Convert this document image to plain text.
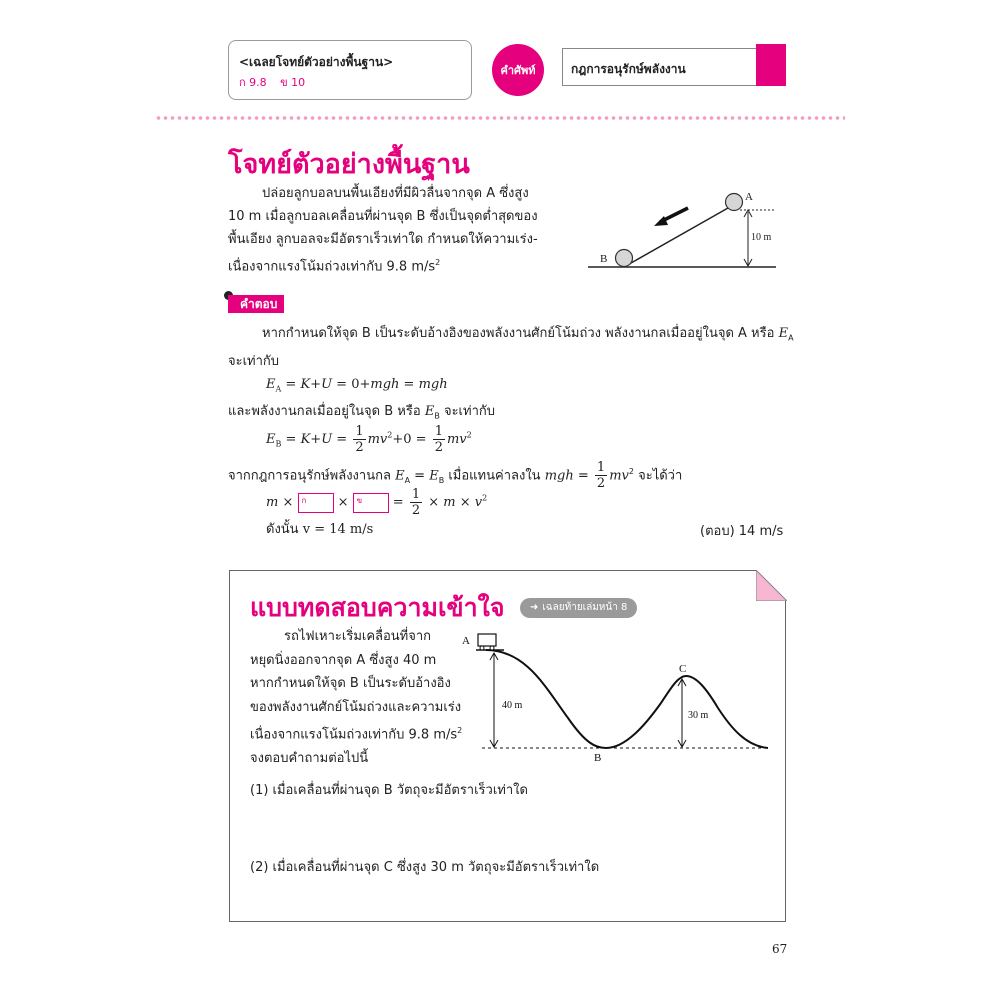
<เฉลยโจทย์ตัวอย่างพื้นฐาน>
ก 9.8 ข 10
คำศัพท์	กฎการอนุรักษ์พลังงาน
โจทย์ตัวอย่างพื้นฐาน

ปล่อยลูกบอลบนพื้นเอียงที่มีผิวลื่นจากจุด A ซึ่งสูง

10 m เมื่อลูกบอลเคลื่อนที่ผ่านจุด B ซึ่งเป็นจุดต่ำสุดของ

พื้นเอียง ลูกบอลจะมีอัตราเร็วเท่าใด กำหนดให้ความเร่ง-

เนื่องจากแรงโน้มถ่วงเท่ากับ 9.8 $m/s^2$

A
B
10 m
คำตอบ

หากกำหนดให้จุด B เป็นระดับอ้างอิงของพลังงานศักย์โน้มถ่วง พลังงานกลเมื่ออยู่ในจุด A หรือ $E_A$

จะเท่ากับ

$E_A = K+U = 0+mgh$ = mgh

และพลังงานกลเมื่ออยู่ในจุด B หรือ $E_B$ จะเท่ากับ

$E_B = K+U = \frac{1}{2} mv^2+0 = \frac{1}{2} mv^2$

จากกฎการอนุรักษ์พลังงานกล $E_A = E_B$ เมื่อแทนค่าลงใน mgh = $\frac{1}{2} mv^2$ จะได้ว่า

m × ก × ข = $\frac{1}{2} \times m \times v^2$

ดังนั้น v = 14 m/s	(ตอบ) 14 m/s
แบบทดสอบความเข้าใจ	➜ เฉลยท้ายเล่มหน้า 8

รถไฟเหาะเริ่มเคลื่อนที่จาก

หยุดนิ่งออกจากจุด A ซึ่งสูง 40 m

หากกำหนดให้จุด B เป็นระดับอ้างอิง

ของพลังงานศักย์โน้มถ่วงและความเร่ง

เนื่องจากแรงโน้มถ่วงเท่ากับ 9.8 $m/s^2$

จงตอบคำถามต่อไปนี้

A
B
C
40 m
30 m
(1) เมื่อเคลื่อนที่ผ่านจุด B วัตถุจะมีอัตราเร็วเท่าใด
(2) เมื่อเคลื่อนที่ผ่านจุด C ซึ่งสูง 30 m วัตถุจะมีอัตราเร็วเท่าใด
67
